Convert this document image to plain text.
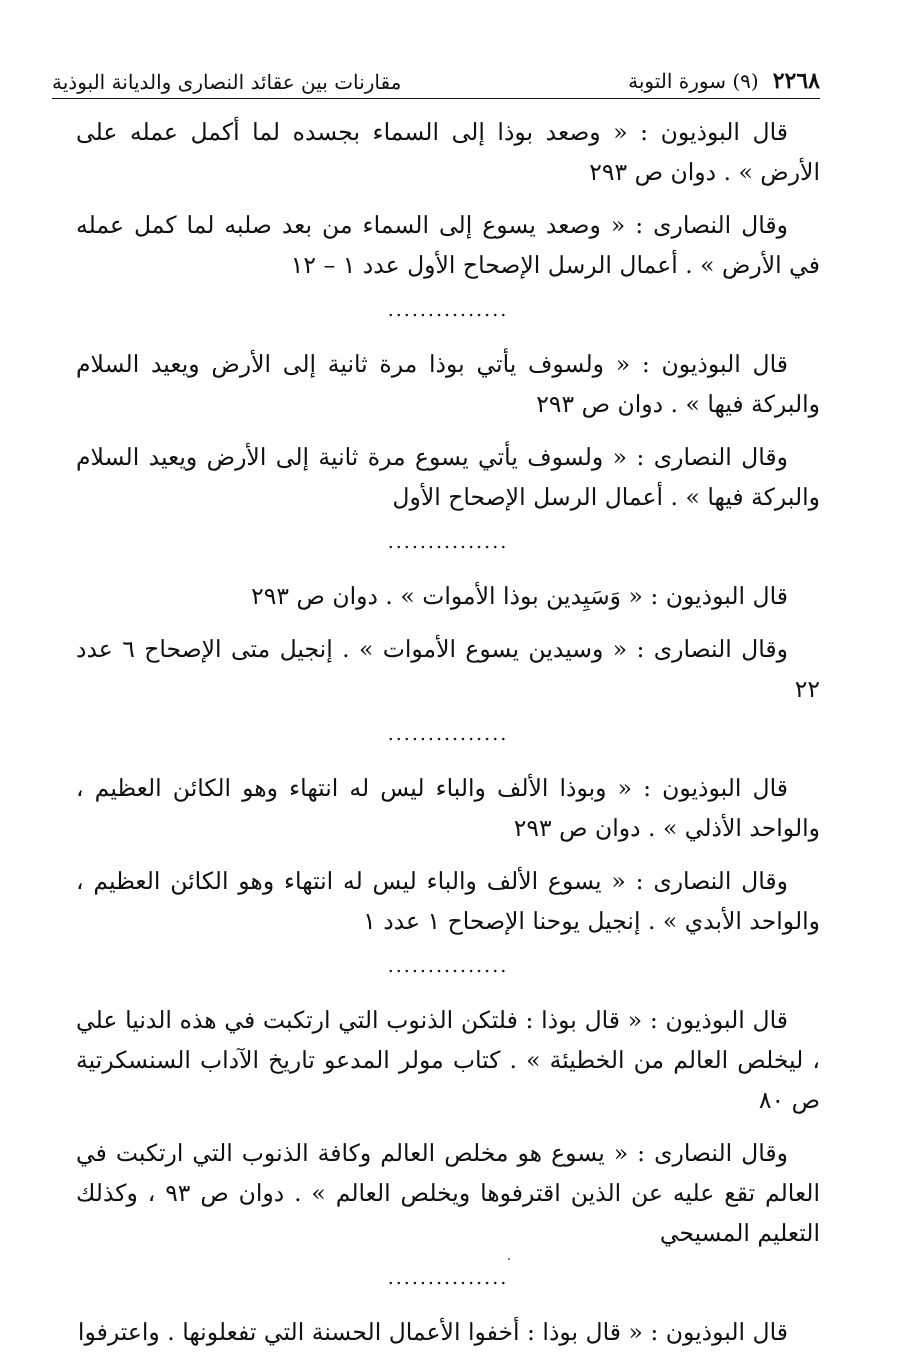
٢٢٦٨
(٩) سورة التوبة
مقارنات بين عقائد النصارى والديانة البوذية

قال البوذيون : « وصعد بوذا إلى السماء بجسده لما أكمل عمله على الأرض » . دوان ص ٢٩٣

وقال النصارى : « وصعد يسوع إلى السماء من بعد صلبه لما كمل عمله في الأرض » . أعمال الرسل الإصحاح الأول عدد ١ – ١٢

...............

قال البوذيون : « ولسوف يأتي بوذا مرة ثانية إلى الأرض ويعيد السلام والبركة فيها » . دوان ص ٢٩٣

وقال النصارى : « ولسوف يأتي يسوع مرة ثانية إلى الأرض ويعيد السلام والبركة فيها » . أعمال الرسل الإصحاح الأول

...............

قال البوذيون : « وَسَيِدين بوذا الأموات » . دوان ص ٢٩٣

وقال النصارى : « وسيدين يسوع الأموات » . إنجيل متى الإصحاح ٦ عدد ٢٢

...............

قال البوذيون : « وبوذا الألف والباء ليس له انتهاء وهو الكائن العظيم ، والواحد الأذلي » . دوان ص ٢٩٣

وقال النصارى : « يسوع الألف والباء ليس له انتهاء وهو الكائن العظيم ، والواحد الأبدي » . إنجيل يوحنا الإصحاح ١ عدد ١

...............

قال البوذيون : « قال بوذا : فلتكن الذنوب التي ارتكبت في هذه الدنيا علي ، ليخلص العالم من الخطيئة » . كتاب مولر المدعو تاريخ الآداب السنسكرتية ص ٨٠

وقال النصارى : « يسوع هو مخلص العالم وكافة الذنوب التي ارتكبت في العالم تقع عليه عن الذين اقترفوها ويخلص العالم » . دوان ص ٩٣ ، وكذلك التعليم المسيحي

...............

قال البوذيون : « قال بوذا : أخفوا الأعمال الحسنة التي تفعلونها . واعترفوا
